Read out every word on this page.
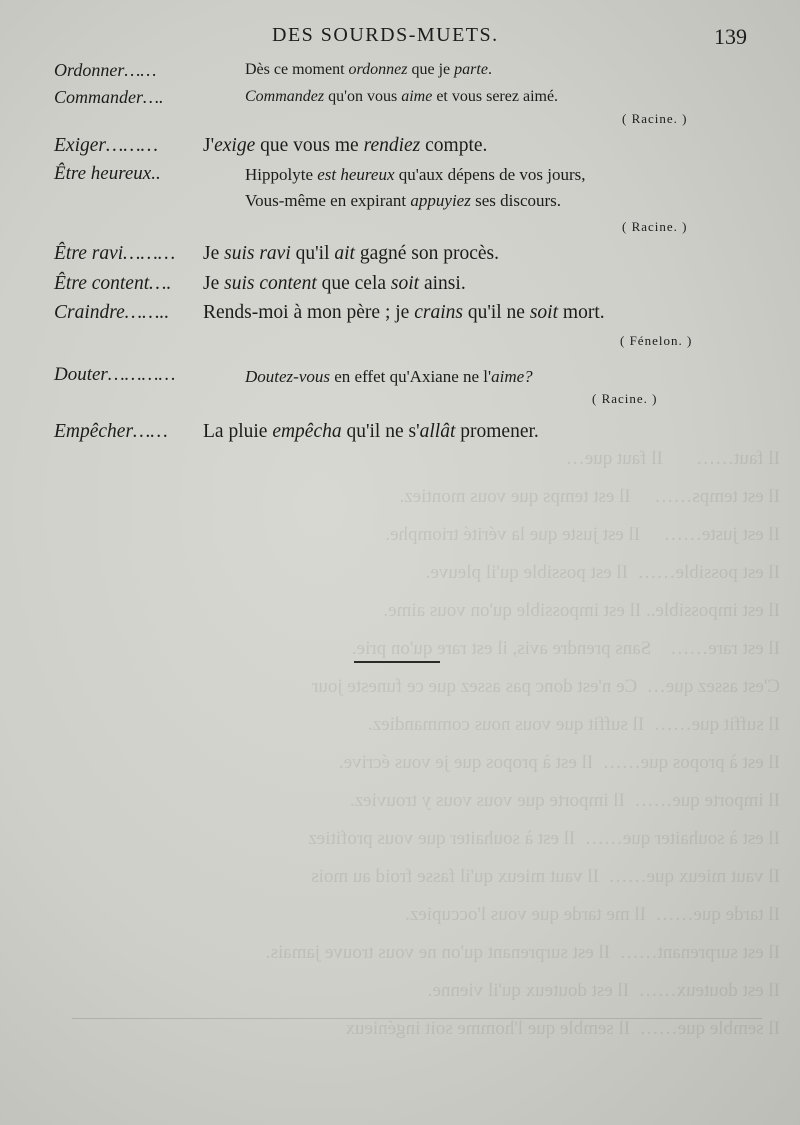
Il faut……       Il faut que…
Il est temps……     Il est temps que vous montiez.
Il est juste……     Il est juste que la vérité triomphe.
Il est possible……  Il est possible qu'il pleuve.
Il est impossible.. Il est impossible qu'on vous aime.
Il est rare……    Sans prendre avis, il est rare qu'on prie.
C'est assez que…  Ce n'est donc pas assez que ce funeste jour
Il suffit que……  Il suffit que vous nous commandiez.
Il est à propos que……  Il est à propos que je vous écrive.
Il importe que……  Il importe que vous vous y trouviez.
Il est à souhaiter que……  Il est à souhaiter que vous profitiez
Il vaut mieux que……  Il vaut mieux qu'il fasse froid au mois
Il tarde que……  Il me tarde que vous l'occupiez.
Il est surprenant……  Il est surprenant qu'on ne vous trouve jamais.
Il est douteux……  Il est douteux qu'il vienne.
Il semble que……  Il semble que l'homme soit ingénieux
DES SOURDS-MUETS.	139
Ordonner……	Dès ce moment ordonnez que je parte.
Commander….	Commandez qu'on vous aime et vous serez aimé.
( Racine. )
Exiger……… J'exige que vous me rendiez compte.
Être heureux..	Hippolyte est heureux qu'aux dépens de vos jours,
Vous-même en expirant appuyiez ses discours.
( Racine. )
Être ravi……… Je suis ravi qu'il ait gagné son procès.
Être content…. Je suis content que cela soit ainsi.
Craindre…….. Rends-moi à mon père ; je crains qu'il ne soit mort.
( Fénelon. )
Douter…………	Doutez-vous en effet qu'Axiane ne l'aime?
( Racine. )
Empêcher…… La pluie empêcha qu'il ne s'allât promener.
